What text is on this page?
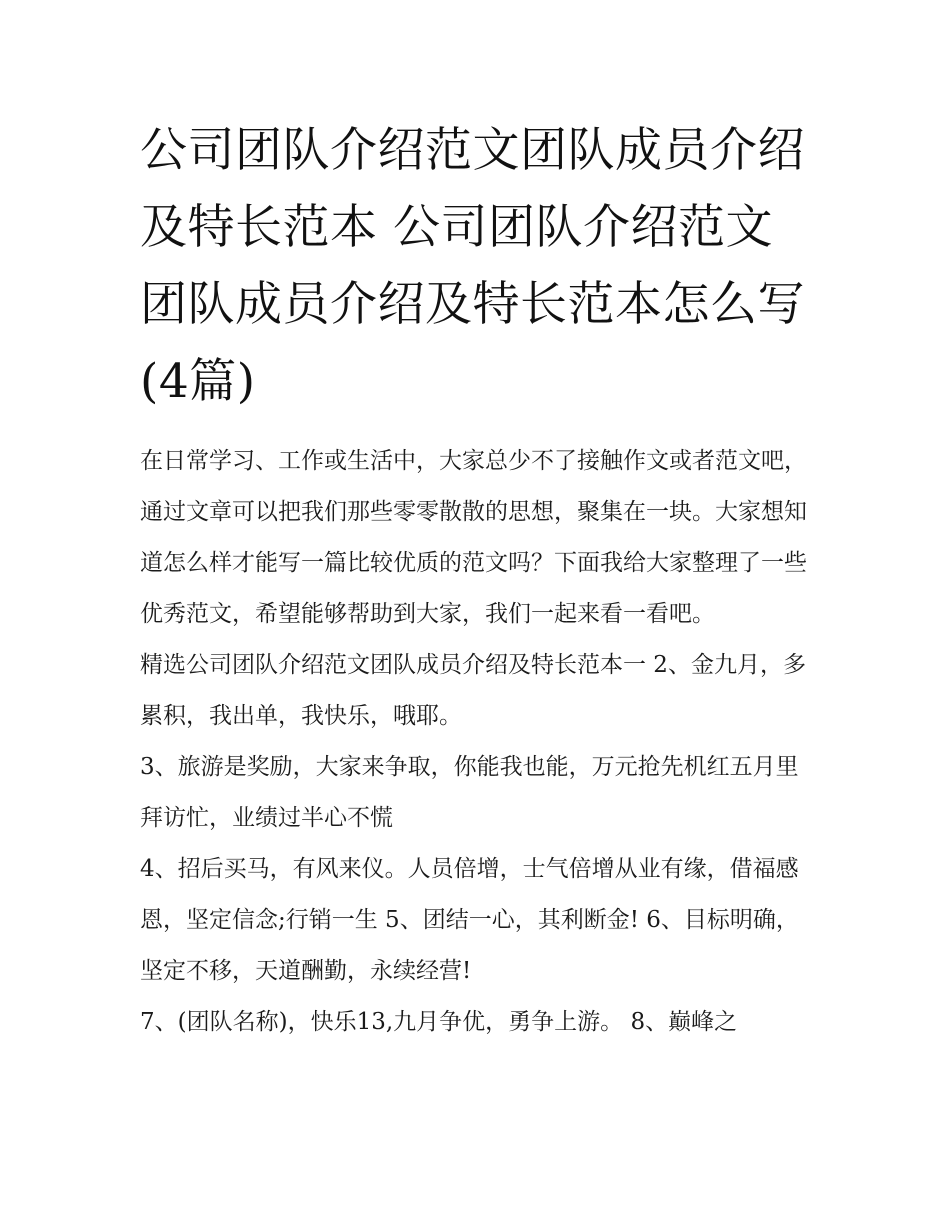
公司团队介绍范文团队成员介绍及特长范本 公司团队介绍范文团队成员介绍及特长范本怎么写(4篇)

在日常学习、工作或生活中，大家总少不了接触作文或者范文吧，通过文章可以把我们那些零零散散的思想，聚集在一块。大家想知道怎么样才能写一篇比较优质的范文吗？下面我给大家整理了一些优秀范文，希望能够帮助到大家，我们一起来看一看吧。

精选公司团队介绍范文团队成员介绍及特长范本一 2、金九月，多累积，我出单，我快乐，哦耶。

3、旅游是奖励，大家来争取，你能我也能，万元抢先机红五月里拜访忙，业绩过半心不慌

4、招后买马，有风来仪。人员倍增，士气倍增从业有缘，借福感恩，坚定信念;行销一生 5、团结一心，其利断金! 6、目标明确，坚定不移，天道酬勤，永续经营!

7、(团队名称)，快乐13,九月争优，勇争上游。 8、巅峰之
